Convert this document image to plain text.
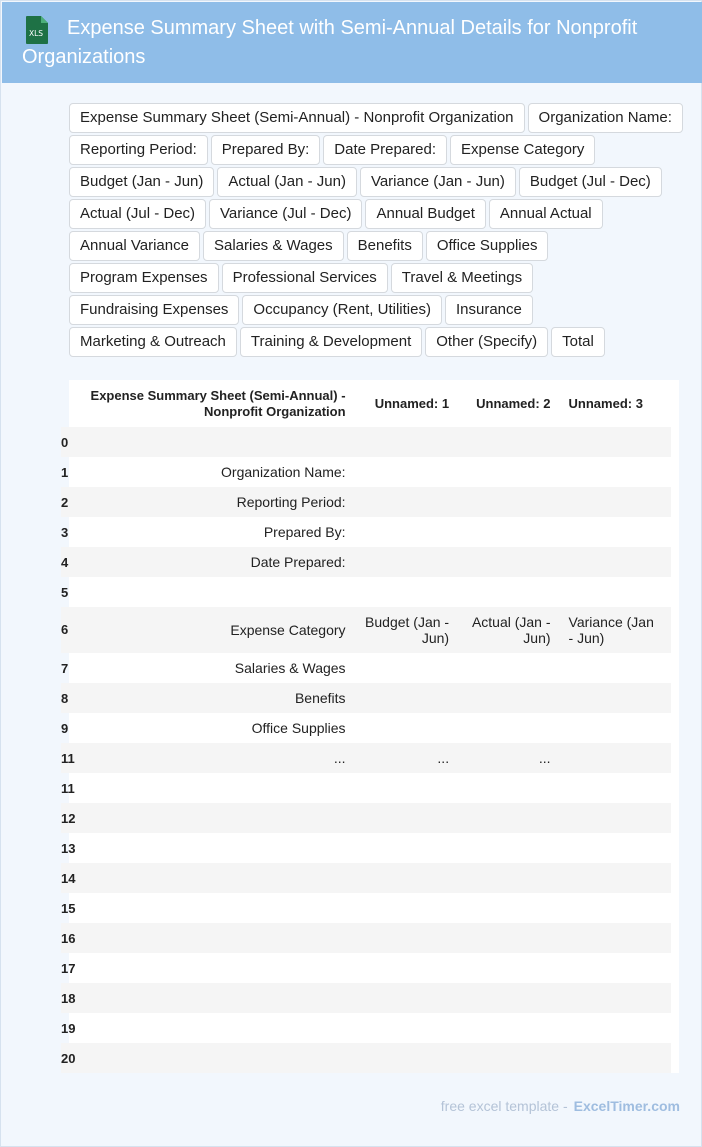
XLS	Expense Summary Sheet with Semi-Annual Details for Nonprofit Organizations
Expense Summary Sheet (Semi-Annual) - Nonprofit Organization	Organization Name:
Reporting Period:	Prepared By:	Date Prepared:	Expense Category
Budget (Jan - Jun)	Actual (Jan - Jun)	Variance (Jan - Jun)	Budget (Jul - Dec)
Actual (Jul - Dec)	Variance (Jul - Dec)	Annual Budget	Annual Actual
Annual Variance	Salaries & Wages	Benefits	Office Supplies
Program Expenses	Professional Services	Travel & Meetings
Fundraising Expenses	Occupancy (Rent, Utilities)	Insurance
Marketing & Outreach	Training & Development	Other (Specify)	Total
	Expense Summary Sheet (Semi-Annual) - Nonprofit Organization	Unnamed: 1	Unnamed: 2	Unnamed: 3
0				
1	Organization Name:			
2	Reporting Period:			
3	Prepared By:			
4	Date Prepared:			
5				
6	Expense Category	Budget (Jan - Jun)	Actual (Jan - Jun)	Variance (Jan - Jun)
7	Salaries & Wages			
8	Benefits			
9	Office Supplies			
11	...	...	...	
11				
12				
13				
14				
15				
16				
17				
18				
19				
20				
free excel template - ExcelTimer.com
